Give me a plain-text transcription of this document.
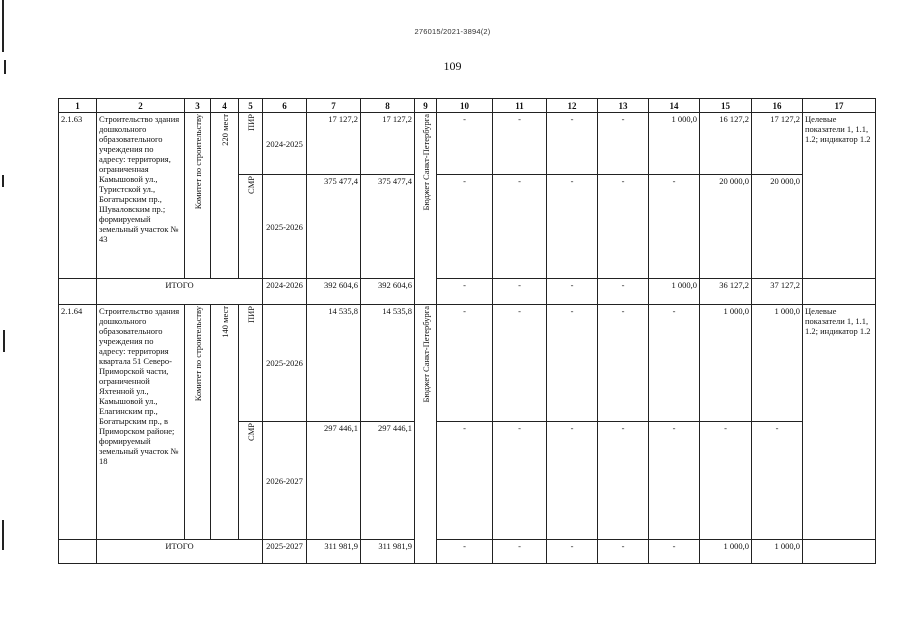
276015/2021-3894(2)
109
1	2	3	4	5	6	7	8	9	10	11	12	13	14	15	16	17
2.1.63	Строительство здания дошкольного образовательного учреждения по адресу: территория, ограниченная Камышовой ул., Туристской ул., Богатырским пр., Шуваловским пр.; формируемый земельный участок № 43	Комитет по строительству	220 мест	ПИР	2024-2025	17 127,2	17 127,2	Бюджет Санкт-Петербурга	-	-	-	-	1 000,0	16 127,2	17 127,2	Целевые показатели 1, 1.1, 1.2; индикатор 1.2
				СМР	2025-2026	375 477,4	375 477,4		-	-	-	-	-	20 000,0	20 000,0	
	ИТОГО				2024-2026	392 604,6	392 604,6		-	-	-	-	1 000,0	36 127,2	37 127,2	
2.1.64	Строительство здания дошкольного образовательного учреждения по адресу: территория квартала 51 Северо-Приморской части, ограниченной Яхтенной ул., Камышовой ул., Елагинским пр., Богатырским пр., в Приморском районе; формируемый земельный участок № 18	Комитет по строительству	140 мест	ПИР	2025-2026	14 535,8	14 535,8	Бюджет Санкт-Петербурга	-	-	-	-	-	1 000,0	1 000,0	Целевые показатели 1, 1.1, 1.2; индикатор 1.2
				СМР	2026-2027	297 446,1	297 446,1		-	-	-	-	-	-	-	
	ИТОГО				2025-2027	311 981,9	311 981,9		-	-	-	-	-	1 000,0	1 000,0	
